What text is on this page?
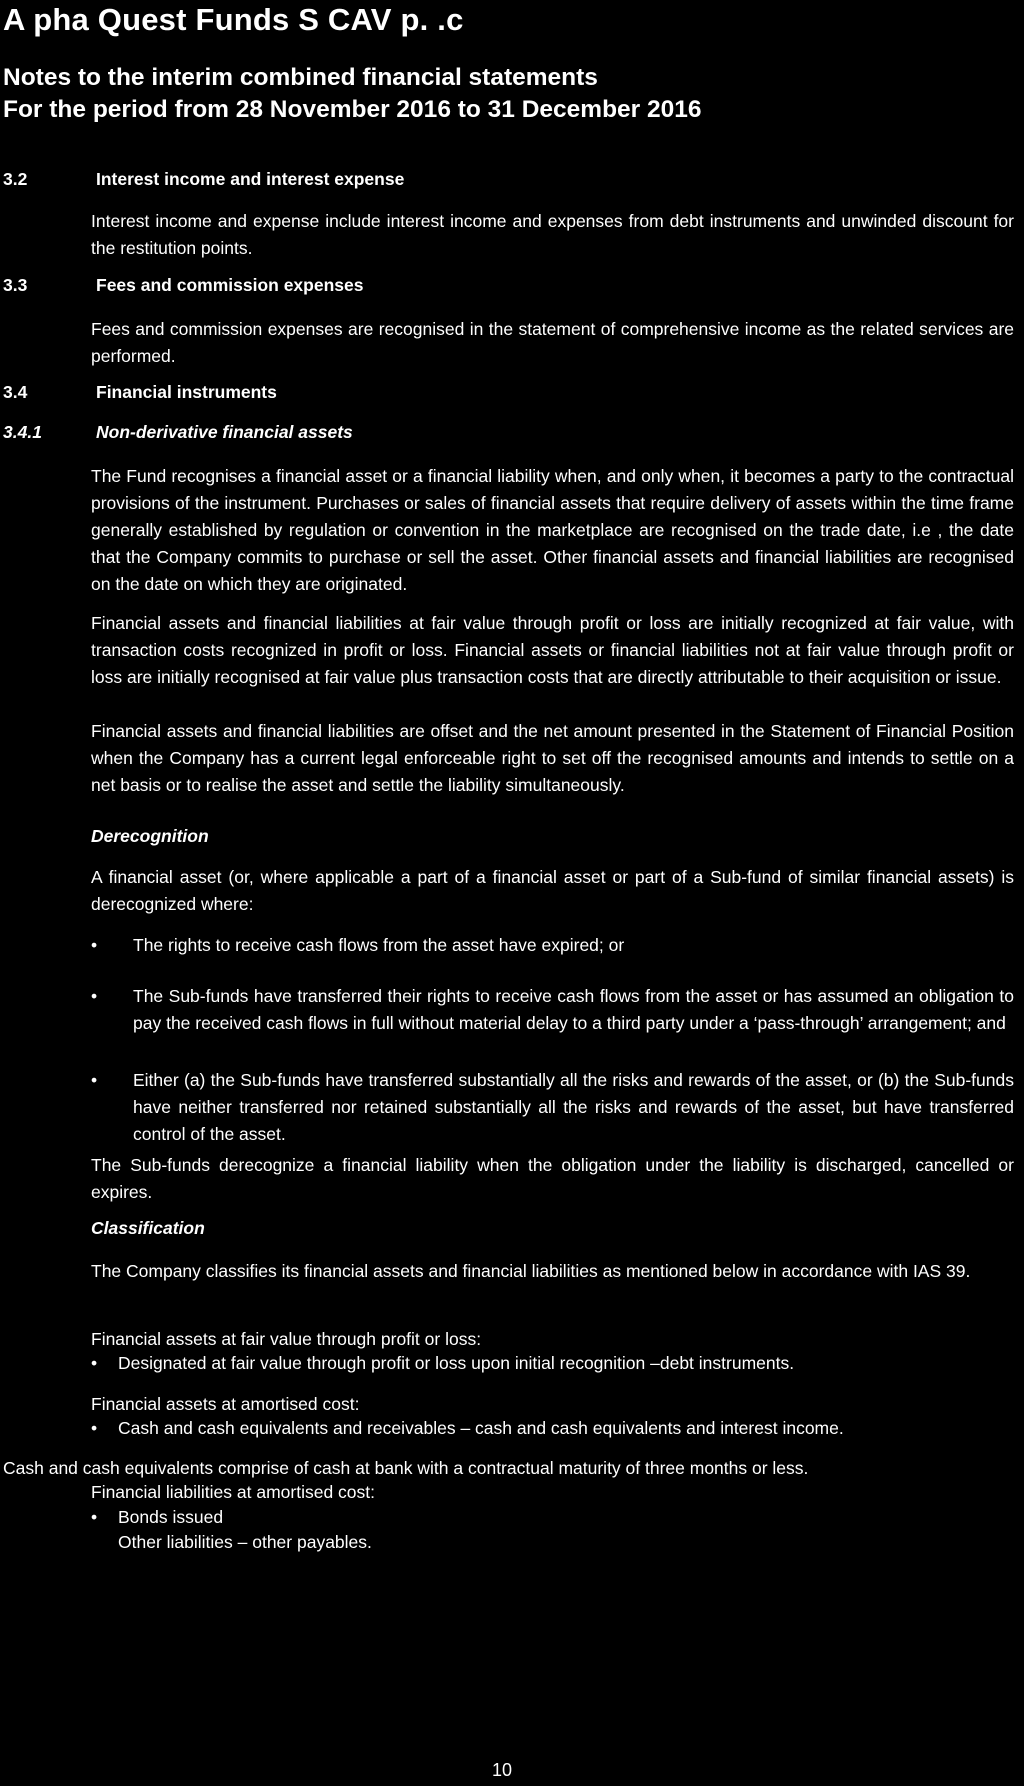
A pha Quest Funds S CAV p. .c
Notes to the interim combined financial statements
For the period from 28 November 2016 to 31 December 2016
3.2	Interest income and interest expense
Interest income and expense include interest income and expenses from debt instruments and unwinded discount for the restitution points.
3.3	Fees and commission expenses
Fees and commission expenses are recognised in the statement of comprehensive income as the related services are performed.
3.4	Financial instruments
3.4.1	Non-derivative financial assets
The Fund recognises a financial asset or a financial liability when, and only when, it becomes a party to the contractual provisions of the instrument. Purchases or sales of financial assets that require delivery of assets within the time frame generally established by regulation or convention in the marketplace are recognised on the trade date, i.e , the date that the Company commits to purchase or sell the asset. Other financial assets and financial liabilities are recognised on the date on which they are originated.
Financial assets and financial liabilities at fair value through profit or loss are initially recognized at fair value, with transaction costs recognized in profit or loss. Financial assets or financial liabilities not at fair value through profit or loss are initially recognised at fair value plus transaction costs that are directly attributable to their acquisition or issue.
Financial assets and financial liabilities are offset and the net amount presented in the Statement of Financial Position when the Company has a current legal enforceable right to set off the recognised amounts and intends to settle on a net basis or to realise the asset and settle the liability simultaneously.
Derecognition
A financial asset (or, where applicable a part of a financial asset or part of a Sub-fund of similar financial assets) is derecognized where:
• The rights to receive cash flows from the asset have expired; or
• The Sub-funds have transferred their rights to receive cash flows from the asset or has assumed an obligation to pay the received cash flows in full without material delay to a third party under a ‘pass-through’ arrangement; and
• Either (a) the Sub-funds have transferred substantially all the risks and rewards of the asset, or (b) the Sub-funds have neither transferred nor retained substantially all the risks and rewards of the asset, but have transferred control of the asset.
The Sub-funds derecognize a financial liability when the obligation under the liability is discharged, cancelled or expires.
Classification
The Company classifies its financial assets and financial liabilities as mentioned below in accordance with IAS 39.
Financial assets at fair value through profit or loss:
• Designated at fair value through profit or loss upon initial recognition –debt instruments.
Financial assets at amortised cost:
• Cash and cash equivalents and receivables – cash and cash equivalents and interest income.
Cash and cash equivalents comprise of cash at bank with a contractual maturity of three months or less.
Financial liabilities at amortised cost:
• Bonds issued
Other liabilities – other payables.
10
